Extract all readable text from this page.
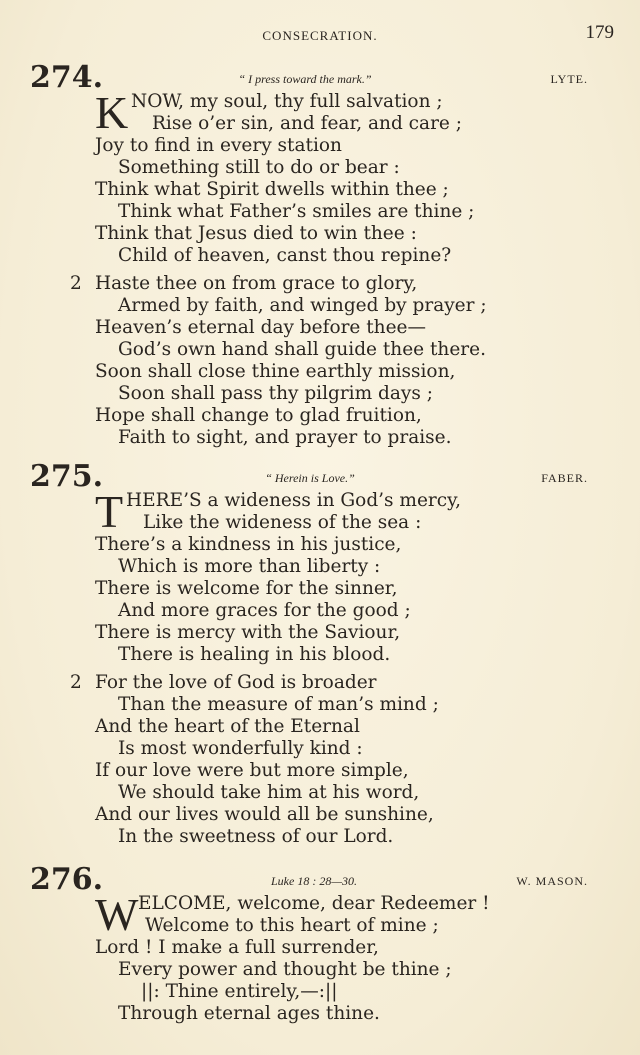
CONSECRATION.	179
274.	“ I press toward the mark.”	LYTE.
K NOW, my soul, thy full salvation ;
Rise o’er sin, and fear, and care ;
Joy to find in every station
Something still to do or bear :
Think what Spirit dwells within thee ;
Think what Father’s smiles are thine ;
Think that Jesus died to win thee :
Child of heaven, canst thou repine?
2 Haste thee on from grace to glory,
Armed by faith, and winged by prayer ;
Heaven’s eternal day before thee—
God’s own hand shall guide thee there.
Soon shall close thine earthly mission,
Soon shall pass thy pilgrim days ;
Hope shall change to glad fruition,
Faith to sight, and prayer to praise.
275.	“ Herein is Love.”	FABER.
T HERE’S a wideness in God’s mercy,
Like the wideness of the sea :
There’s a kindness in his justice,
Which is more than liberty :
There is welcome for the sinner,
And more graces for the good ;
There is mercy with the Saviour,
There is healing in his blood.
2 For the love of God is broader
Than the measure of man’s mind ;
And the heart of the Eternal
Is most wonderfully kind :
If our love were but more simple,
We should take him at his word,
And our lives would all be sunshine,
In the sweetness of our Lord.
276.	Luke 18 : 28—30.	W. MASON.
W ELCOME, welcome, dear Redeemer !
Welcome to this heart of mine ;
Lord ! I make a full surrender,
Every power and thought be thine ;
||: Thine entirely,—:||
Through eternal ages thine.
